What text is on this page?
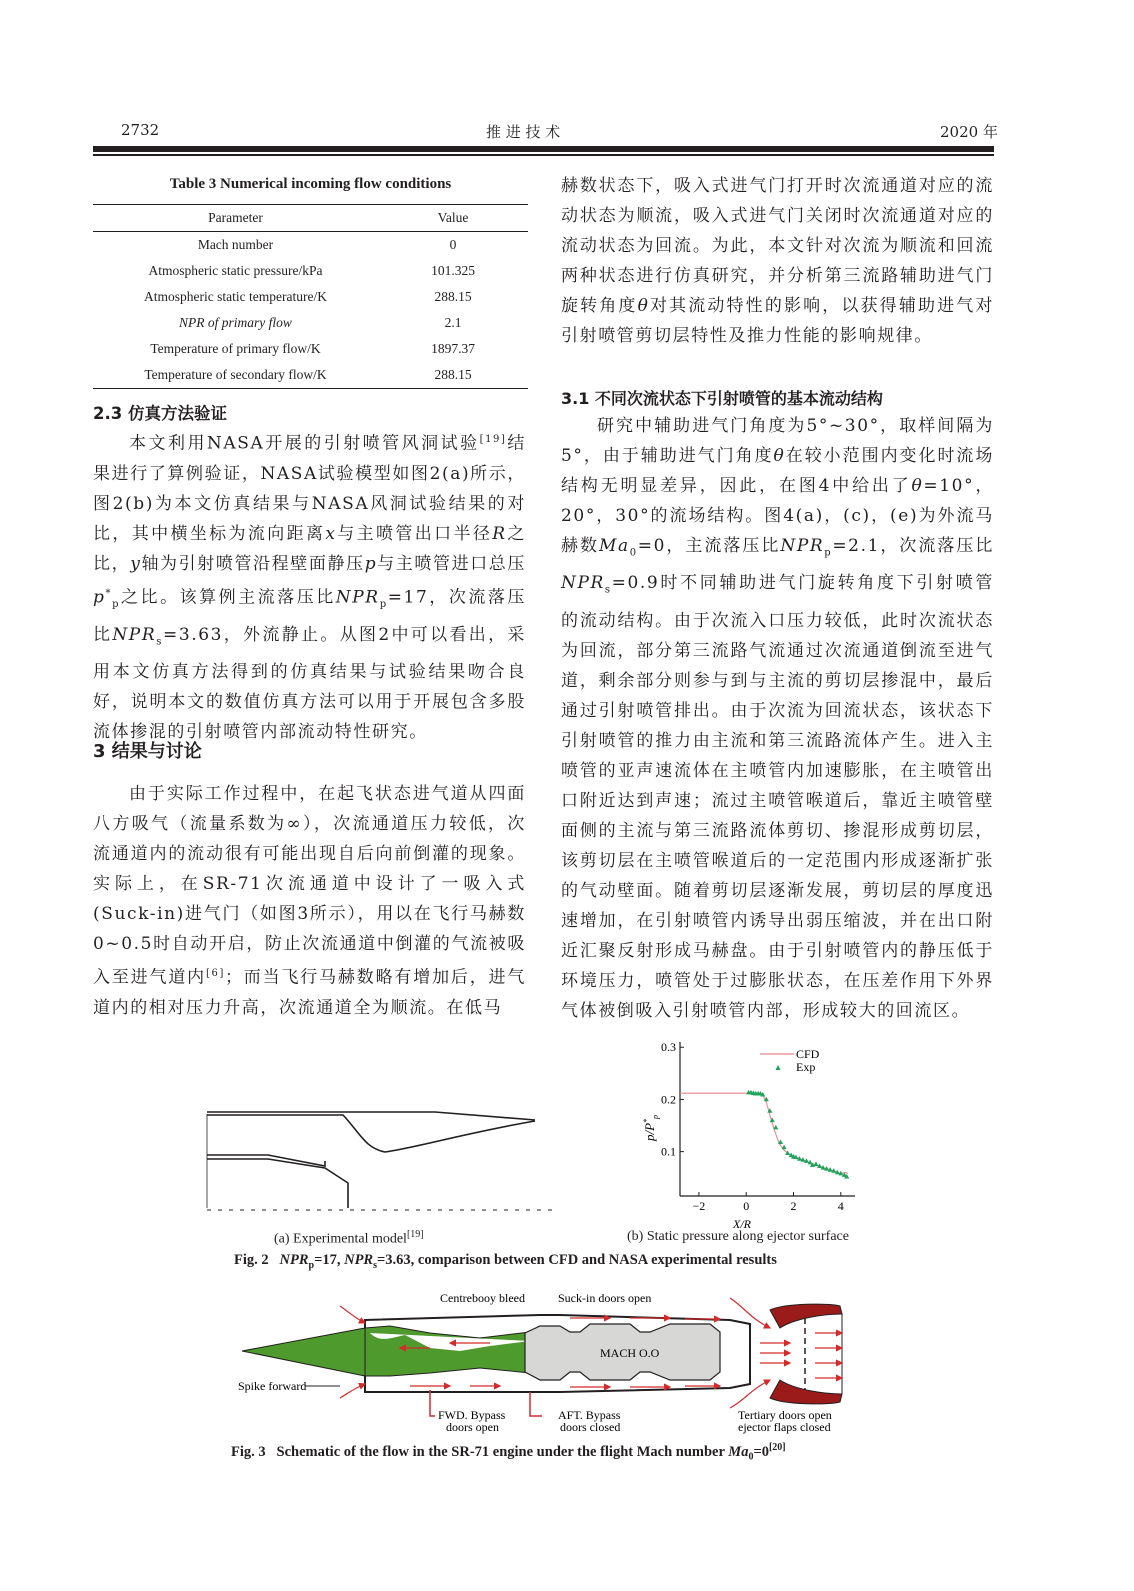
2732	推 进 技 术	2020 年
Table 3 Numerical incoming flow conditions
Parameter	Value
Mach number	0
Atmospheric static pressure/kPa	101.325
Atmospheric static temperature/K	288.15
NPR of primary flow	2.1
Temperature of primary flow/K	1897.37
Temperature of secondary flow/K	288.15
2.3 仿真方法验证
本文利用NASA开展的引射喷管风洞试验[19]结果进行了算例验证，NASA试验模型如图2(a)所示，图2(b)为本文仿真结果与NASA风洞试验结果的对比，其中横坐标为流向距离x与主喷管出口半径R之比，y轴为引射喷管沿程壁面静压p与主喷管进口总压$p^*_p$之比。该算例主流落压比$NPR_p=17$，次流落压比$NPR_s=3.63$，外流静止。从图2中可以看出，采用本文仿真方法得到的仿真结果与试验结果吻合良好，说明本文的数值仿真方法可以用于开展包含多股流体掺混的引射喷管内部流动特性研究。
3 结果与讨论
由于实际工作过程中，在起飞状态进气道从四面八方吸气（流量系数为∞），次流通道压力较低，次流通道内的流动很有可能出现自后向前倒灌的现象。实际上，在SR-71次流通道中设计了一吸入式(Suck-in)进气门（如图3所示），用以在飞行马赫数0~0.5时自动开启，防止次流通道中倒灌的气流被吸入至进气道内[6]；而当飞行马赫数略有增加后，进气道内的相对压力升高，次流通道全为顺流。在低马
赫数状态下，吸入式进气门打开时次流通道对应的流动状态为顺流，吸入式进气门关闭时次流通道对应的流动状态为回流。为此，本文针对次流为顺流和回流两种状态进行仿真研究，并分析第三流路辅助进气门旋转角度θ对其流动特性的影响，以获得辅助进气对引射喷管剪切层特性及推力性能的影响规律。
3.1 不同次流状态下引射喷管的基本流动结构
研究中辅助进气门角度为5°~30°，取样间隔为5°，由于辅助进气门角度θ在较小范围内变化时流场结构无明显差异，因此，在图4中给出了θ=10°，20°，30°的流场结构。图4(a)，(c)，(e)为外流马赫数$Ma_0=0$，主流落压比$NPR_p=2.1$，次流落压比$NPR_s=0.9$时不同辅助进气门旋转角度下引射喷管的流动结构。由于次流入口压力较低，此时次流状态为回流，部分第三流路气流通过次流通道倒流至进气道，剩余部分则参与到与主流的剪切层掺混中，最后通过引射喷管排出。由于次流为回流状态，该状态下引射喷管的推力由主流和第三流路流体产生。进入主喷管的亚声速流体在主喷管内加速膨胀，在主喷管出口附近达到声速；流过主喷管喉道后，靠近主喷管壁面侧的主流与第三流路流体剪切、掺混形成剪切层，该剪切层在主喷管喉道后的一定范围内形成逐渐扩张的气动壁面。随着剪切层逐渐发展，剪切层的厚度迅速增加，在引射喷管内诱导出弱压缩波，并在出口附近汇聚反射形成马赫盘。由于引射喷管内的静压低于环境压力，喷管处于过膨胀状态，在压差作用下外界气体被倒吸入引射喷管内部，形成较大的回流区。
(a) Experimental model[19]
−2	0	2	4
0.1
0.2
0.3	CFD
Exp
X/R
$p/P^*_p$
(b) Static pressure along ejector surface
Fig. 2 $NPR_p=17$, $NPR_s=3.63$, comparison between CFD and NASA experimental results
MACH O.O
Centrebooy bleed	Suck-in doors open
Spike forward
FWD. Bypass
doors open
AFT. Bypass
doors closed
Tertiary doors open
ejector flaps closed
Fig. 3 Schematic of the flow in the SR-71 engine under the flight Mach number $Ma_0=0[20]$
